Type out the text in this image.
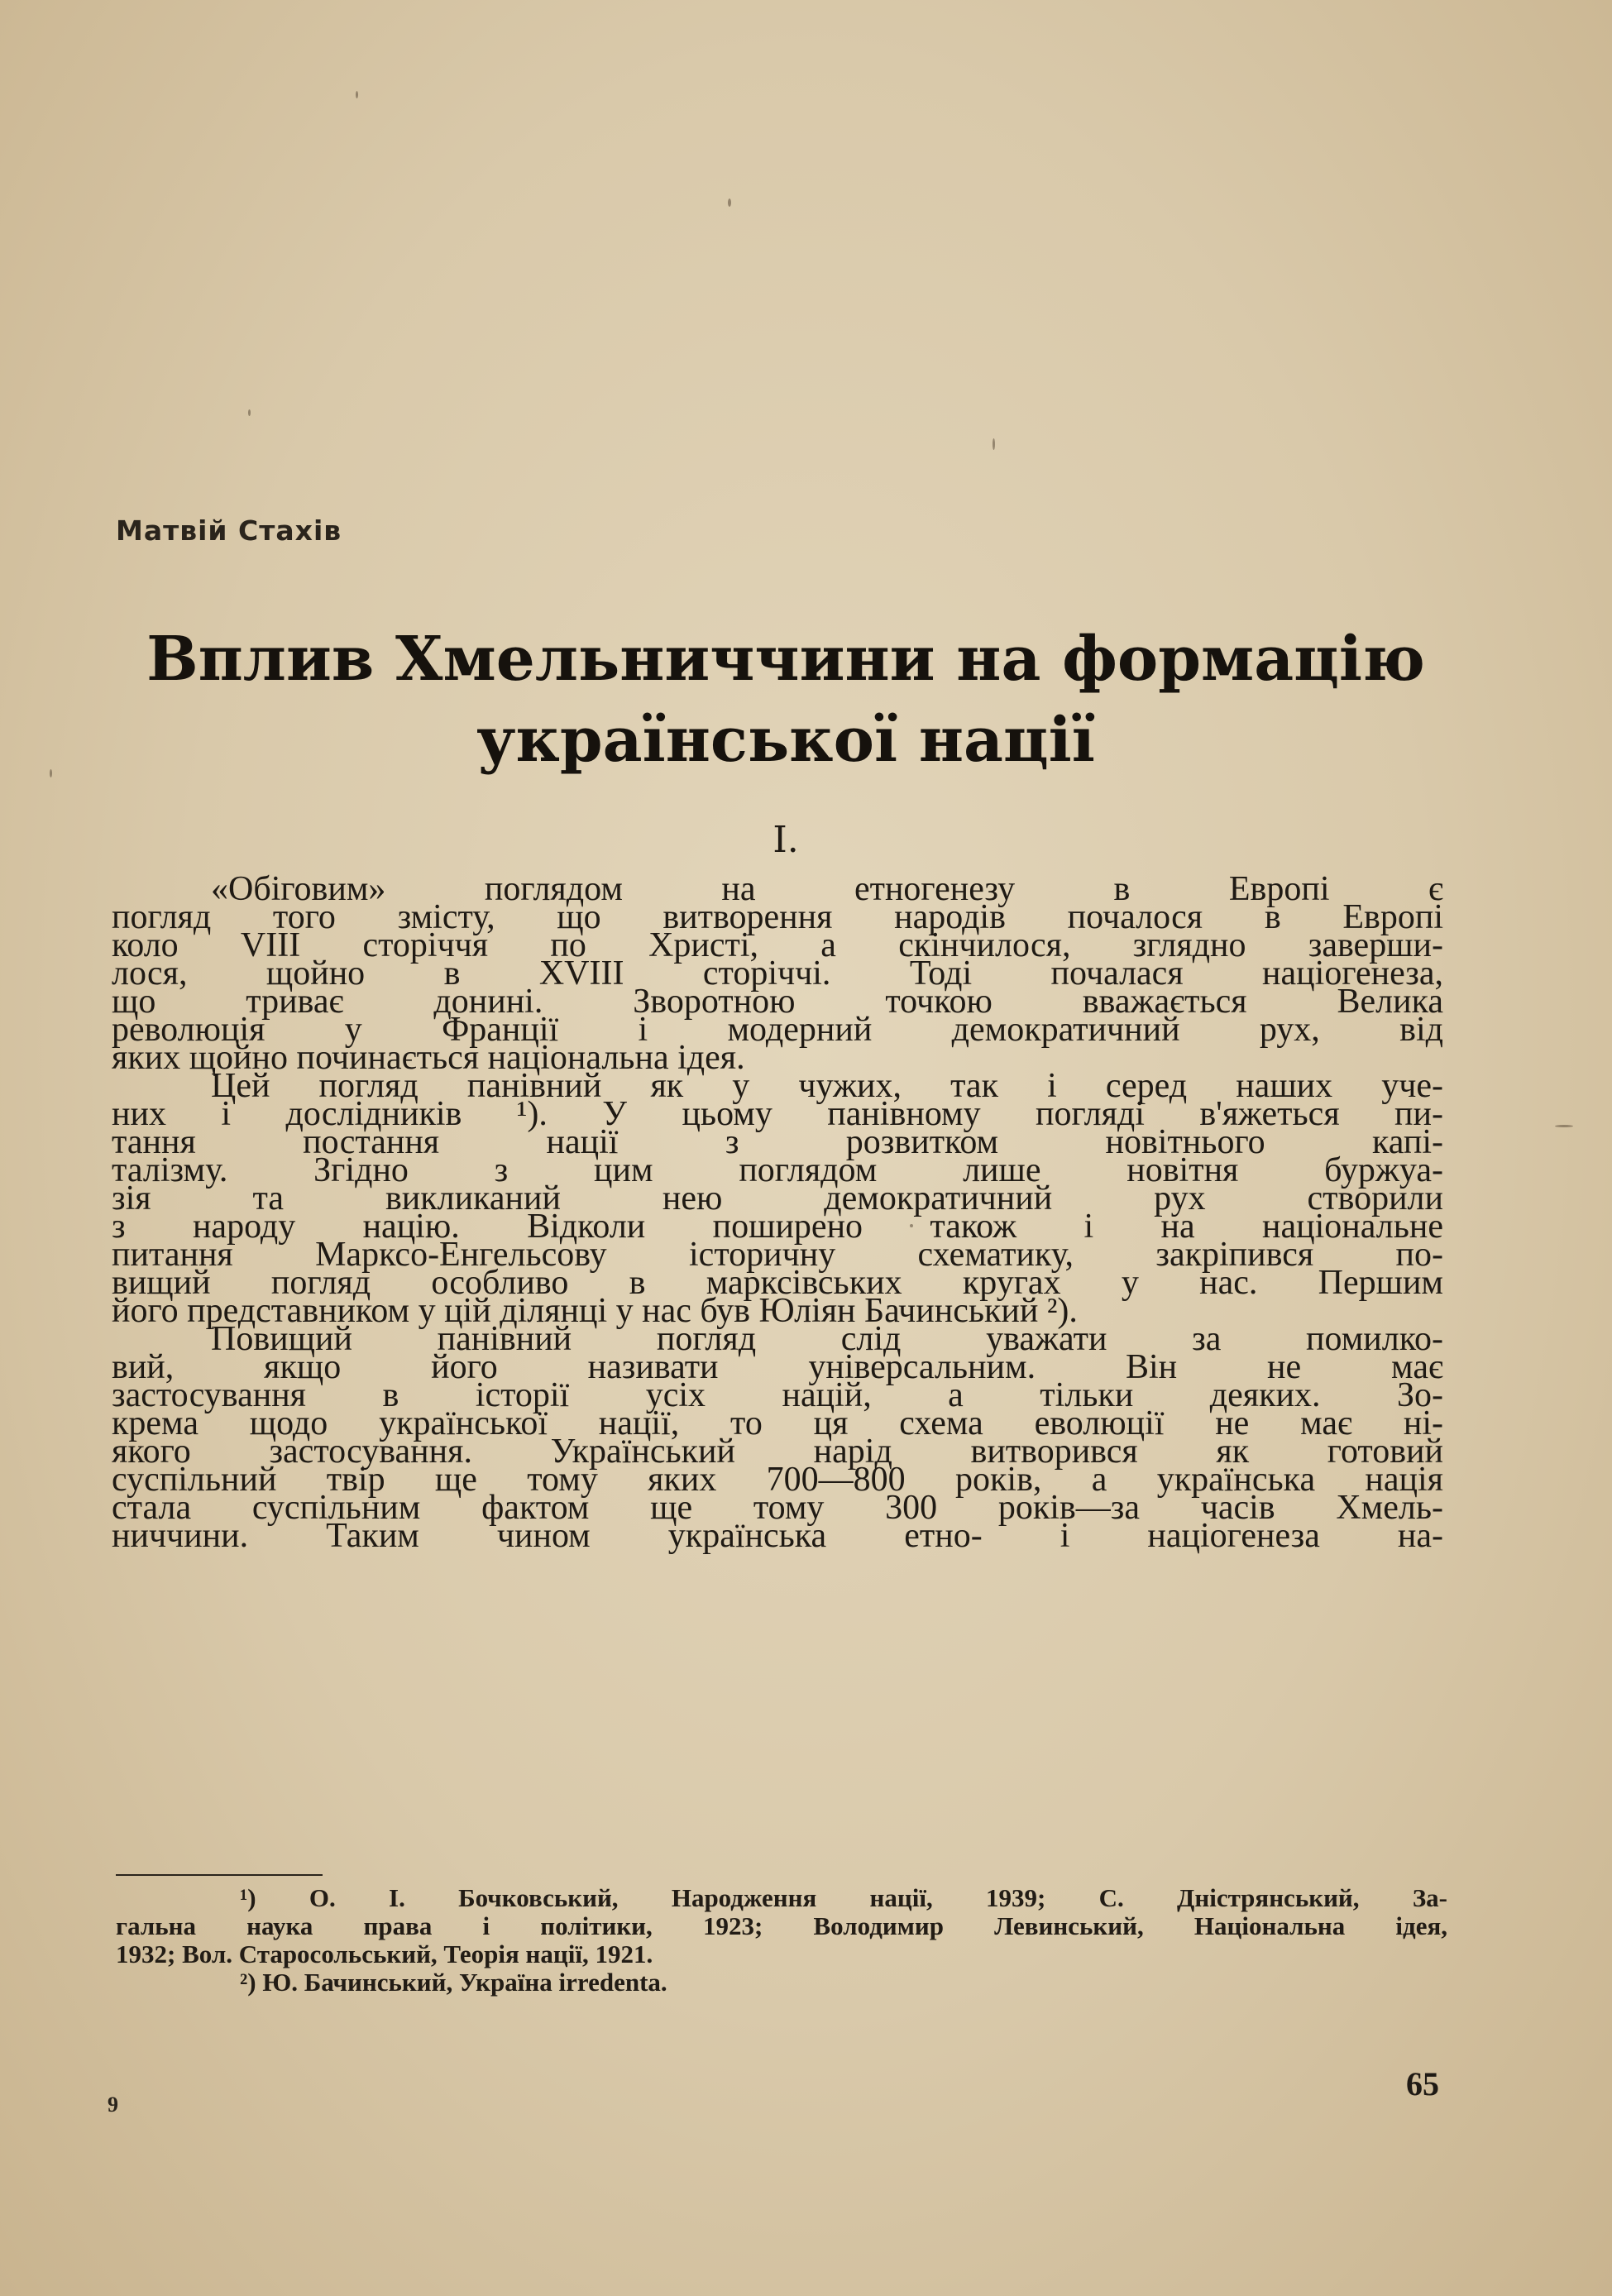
Матвій Стахів
Вплив Хмельниччини на формацію
української нації
I.
«Обіговим» поглядом на етногенезу в Европі є
погляд того змісту, що витворення народів почалося в Европі
коло VIII сторіччя по Христі, а скінчилося, зглядно заверши-
лося, щойно в XVIII сторіччі. Тоді почалася націогенеза,
що триває донині. Зворотною точкою вважається Велика
революція у Франції і модерний демократичний рух, від
яких щойно починається національна ідея.
Цей погляд панівний як у чужих, так і серед наших уче-
них і дослідників ¹). У цьому панівному погляді в'яжеться пи-
тання постання нації з розвитком новітнього капі-
талізму. Згідно з цим поглядом лише новітня буржуа-
зія та викликаний нею демократичний рух створили
з народу націю. Відколи поширено також і на національне
питання Марксо-Енгельсову історичну схематику, закріпився по-
вищий погляд особливо в марксівських кругах у нас. Першим
його представником у цій ділянці у нас був Юліян Бачинський ²).
Повищий панівний погляд слід уважати за помилко-
вий, якщо його називати універсальним. Він не має
застосування в історії усіх націй, а тільки деяких. Зо-
крема щодо української нації, то ця схема еволюції не має ні-
якого застосування. Український нарід витворився як готовий
суспільний твір ще тому яких 700—800 років, а українська нація
стала суспільним фактом ще тому 300 років—за часів Хмель-
ниччини. Таким чином українська етно- і націогенеза на-
¹) О. І. Бочковський, Народження нації, 1939; С. Дністрянський, За-
гальна наука права і політики, 1923; Володимир Левинський, Національна ідея,
1932; Вол. Старосольський, Теорія нації, 1921.
²) Ю. Бачинський, Україна irredenta.
9
65
